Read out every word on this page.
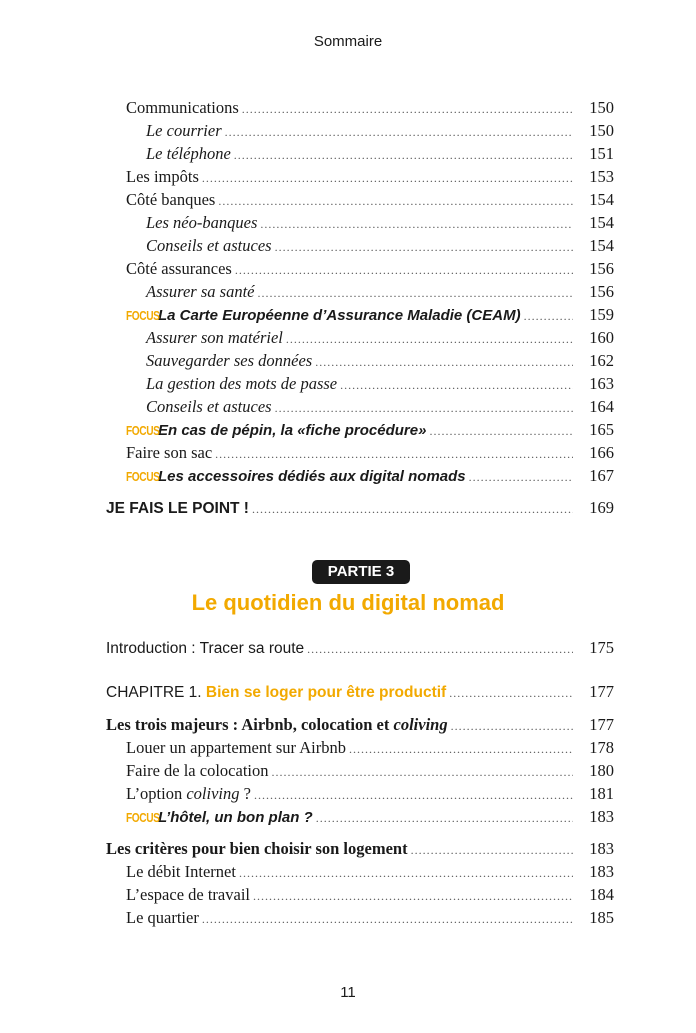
Sommaire
Communications .....	150
Le courrier .....	150
Le téléphone .....	151
Les impôts .....	153
Côté banques .....	154
Les néo-banques .....	154
Conseils et astuces .....	154
Côté assurances .....	156
Assurer sa santé .....	156
FOCUS
La Carte Européenne d’Assurance Maladie (CEAM) .....	159
Assurer son matériel .....	160
Sauvegarder ses données .....	162
La gestion des mots de passe .....	163
Conseils et astuces .....	164
FOCUS
En cas de pépin, la «fiche procédure» .....	165
Faire son sac .....	166
FOCUS
Les accessoires dédiés aux digital nomads .....	167
JE FAIS LE POINT ! .....	169
PARTIE 3
Le quotidien du digital nomad
Introduction : Tracer sa route .....	175
CHAPITRE 1. Bien se loger pour être productif .....	177
Les trois majeurs : Airbnb, colocation et coliving .....	177
Louer un appartement sur Airbnb .....	178
Faire de la colocation .....	180
L’option coliving ? .....	181
FOCUS
L’hôtel, un bon plan ? .....	183
Les critères pour bien choisir son logement .....	183
Le débit Internet .....	183
L’espace de travail .....	184
Le quartier .....	185
11
